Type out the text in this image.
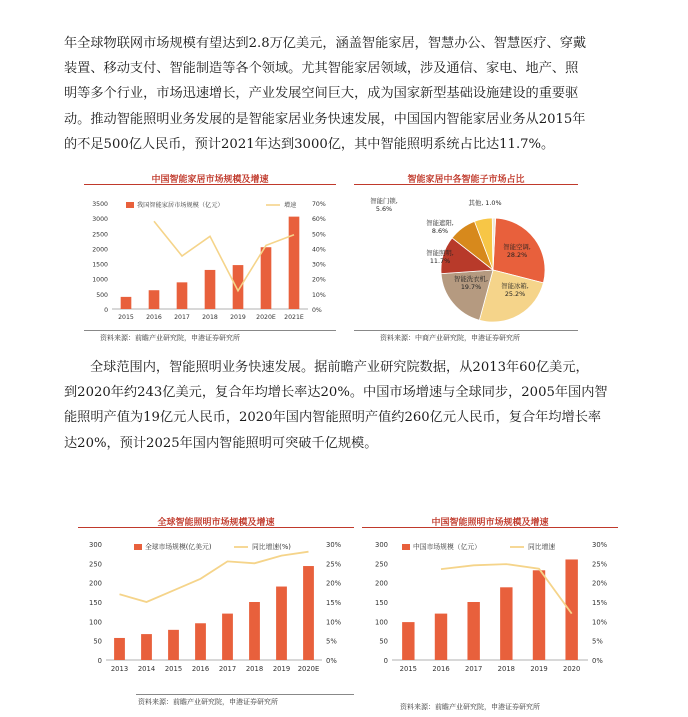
年全球物联网市场规模有望达到2.8万亿美元，涵盖智能家居，智慧办公、智慧医疗、穿戴

装置、移动支付、智能制造等各个领域。尤其智能家居领域，涉及通信、家电、地产、照

明等多个行业，市场迅速增长，产业发展空间巨大，成为国家新型基础设施建设的重要驱

动。推动智能照明业务发展的是智能家居业务快速发展，中国国内智能家居业务从2015年

的不足500亿人民币，预计2021年达到3000亿，其中智能照明系统占比达11.7%。

中国智能家居市场规模及增速
0
500
1000
1500
2000
2500
3000
3500
0%
10%
20%
30%
40%
50%
60%
70%
2015 2016 2017 2018 2019 2020E 2021E
我国智能家居市场规模（亿元）	增速
资料来源：前瞻产业研究院，申港证券研究所
智能家居中各智能子市场占比
智能空调, 28.2%
智能冰箱, 25.2%
智能洗衣机, 19.7%
智能照明, 11.7%
智能遮阳, 8.6%
智能门锁, 5.6%
其他, 1.0%
资料来源：中商产业研究院，申港证券研究所

全球范围内，智能照明业务快速发展。据前瞻产业研究院数据，从2013年60亿美元，

到2020年约243亿美元，复合年均增长率达20%。中国市场增速与全球同步，2005年国内智

能照明产值为19亿元人民币，2020年国内智能照明产值约260亿元人民币，复合年均增长率

达20%，预计2025年国内智能照明可突破千亿规模。

全球智能照明市场规模及增速
0
50
100
150
200
250
300
0%
5%
10%
15%
20%
25%
30%
2013 2014 2015 2016 2017 2018 2019 2020E
全球市场规模(亿美元)	同比增速(%)
资料来源：前瞻产业研究院，申港证券研究所
中国智能照明市场规模及增速
0
50
100
150
200
250
300
0%
5%
10%
15%
20%
25%
30%
2015 2016 2017 2018 2019 2020
中国市场规模（亿元）	同比增速
资料来源：前瞻产业研究院，申港证券研究所
